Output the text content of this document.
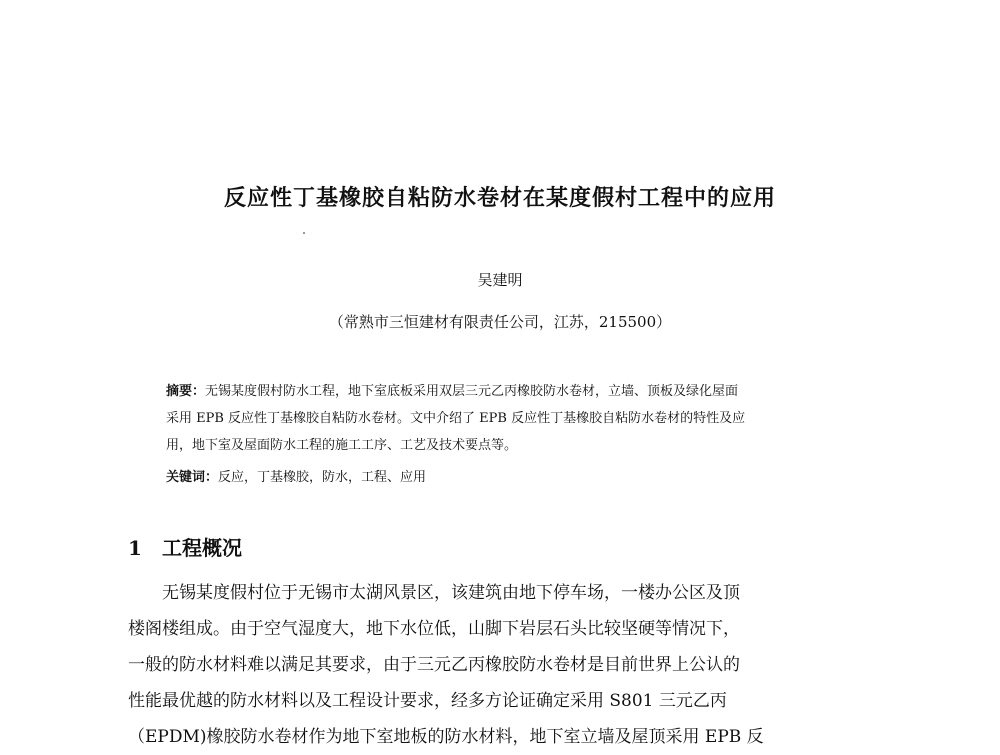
反应性丁基橡胶自粘防水卷材在某度假村工程中的应用
吴建明
（常熟市三恒建材有限责任公司，江苏，215500）
摘要：无锡某度假村防水工程，地下室底板采用双层三元乙丙橡胶防水卷材，立墙、顶板及绿化屋面
采用 EPB 反应性丁基橡胶自粘防水卷材。文中介绍了 EPB 反应性丁基橡胶自粘防水卷材的特性及应
用，地下室及屋面防水工程的施工工序、工艺及技术要点等。
关键词：反应，丁基橡胶，防水，工程、应用
1 工程概况
　　无锡某度假村位于无锡市太湖风景区，该建筑由地下停车场，一楼办公区及顶
楼阁楼组成。由于空气湿度大，地下水位低，山脚下岩层石头比较坚硬等情况下，
一般的防水材料难以满足其要求，由于三元乙丙橡胶防水卷材是目前世界上公认的
性能最优越的防水材料以及工程设计要求，经多方论证确定采用 S801 三元乙丙
（EPDM)橡胶防水卷材作为地下室地板的防水材料，地下室立墙及屋顶采用 EPB 反
